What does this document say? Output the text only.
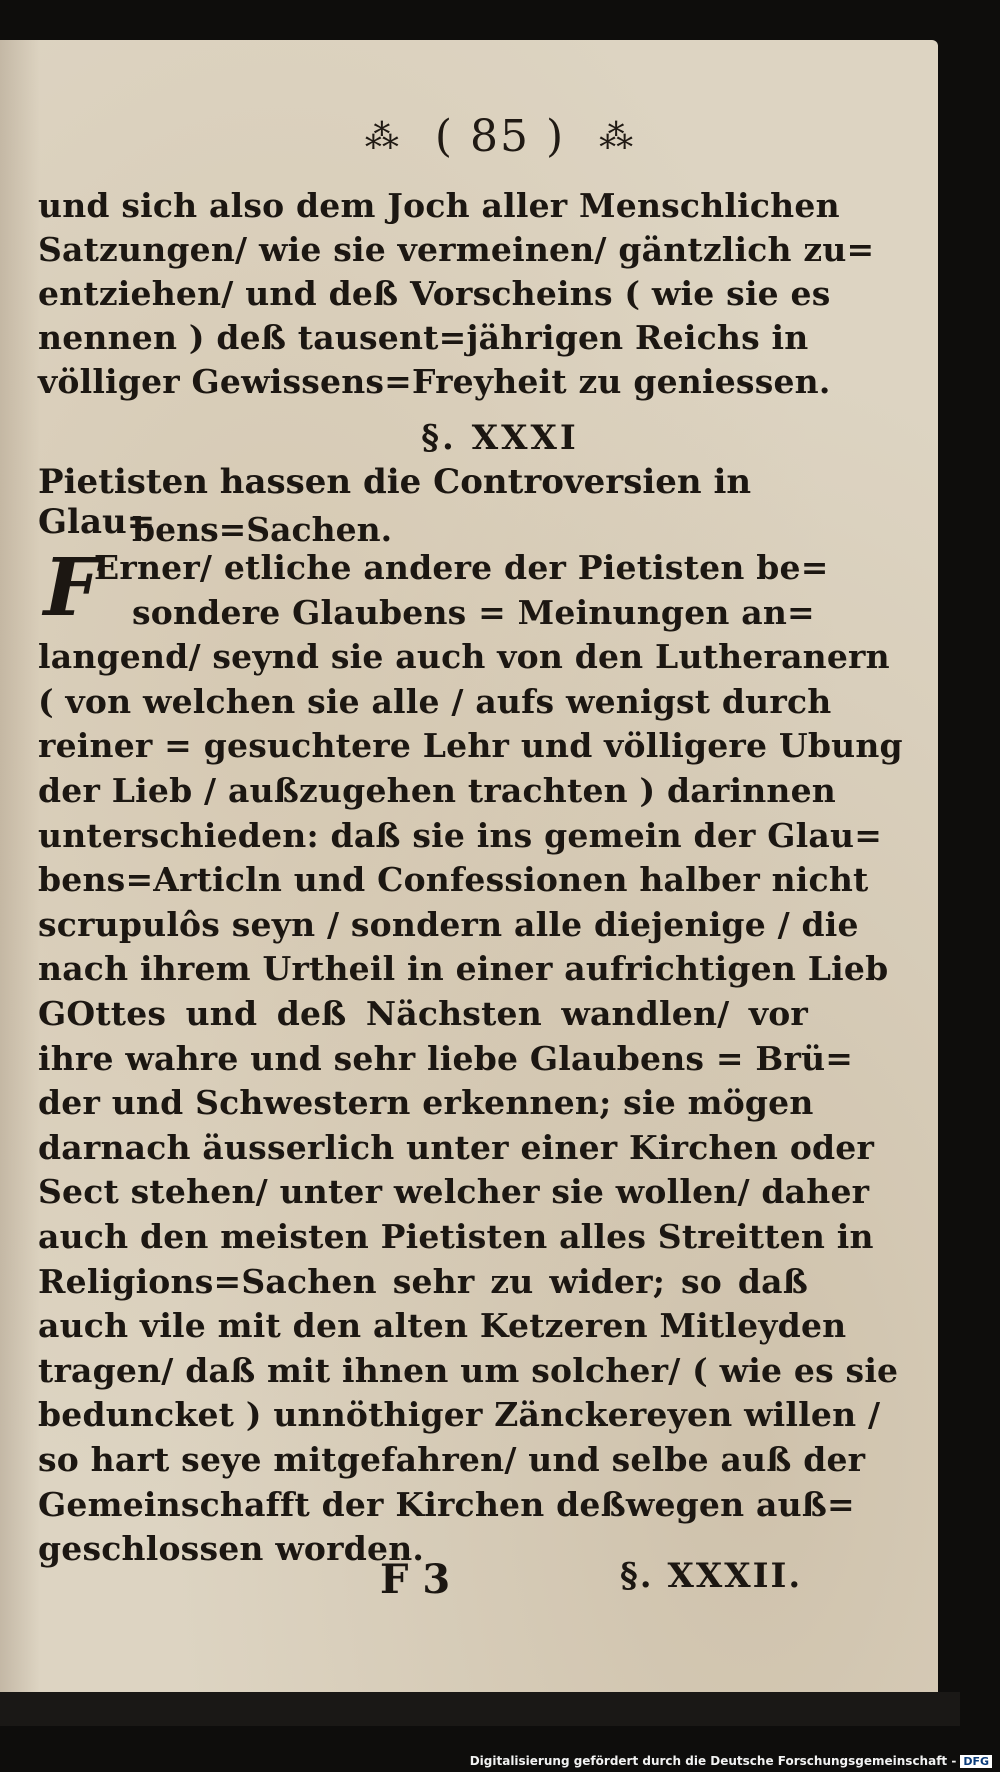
⁂ ( 85 ) ⁂
und sich also dem Joch aller Menschlichen
Satzungen/ wie sie vermeinen/ gäntzlich zu=
entziehen/ und deß Vorscheins ( wie sie es
nennen ) deß tausent=jährigen Reichs in
völliger Gewissens=Freyheit zu geniessen.
§. XXXI
Pietisten hassen die Controversien in Glau=
bens=Sachen.
F
Erner/ etliche andere der Pietisten be=
sondere Glaubens = Meinungen an=
langend/ seynd sie auch von den Lutheranern
( von welchen sie alle / aufs wenigst durch
reiner = gesuchtere Lehr und völligere Ubung
der Lieb / außzugehen trachten ) darinnen
unterschieden: daß sie ins gemein der Glau=
bens=Articln und Confessionen halber nicht
scrupulôs seyn / sondern alle diejenige / die
nach ihrem Urtheil in einer aufrichtigen Lieb
GOttes und deß Nächsten wandlen/ vor
ihre wahre und sehr liebe Glaubens = Brü=
der und Schwestern erkennen; sie mögen
darnach äusserlich unter einer Kirchen oder
Sect stehen/ unter welcher sie wollen/ daher
auch den meisten Pietisten alles Streitten in
Religions=Sachen sehr zu wider; so daß
auch vile mit den alten Ketzeren Mitleyden
tragen/ daß mit ihnen um solcher/ ( wie es sie
beduncket ) unnöthiger Zänckereyen willen /
so hart seye mitgefahren/ und selbe auß der
Gemeinschafft der Kirchen deßwegen auß=
geschlossen worden.
F 3	§. XXXII.
Digitalisierung gefördert durch die Deutsche Forschungsgemeinschaft - DFG
